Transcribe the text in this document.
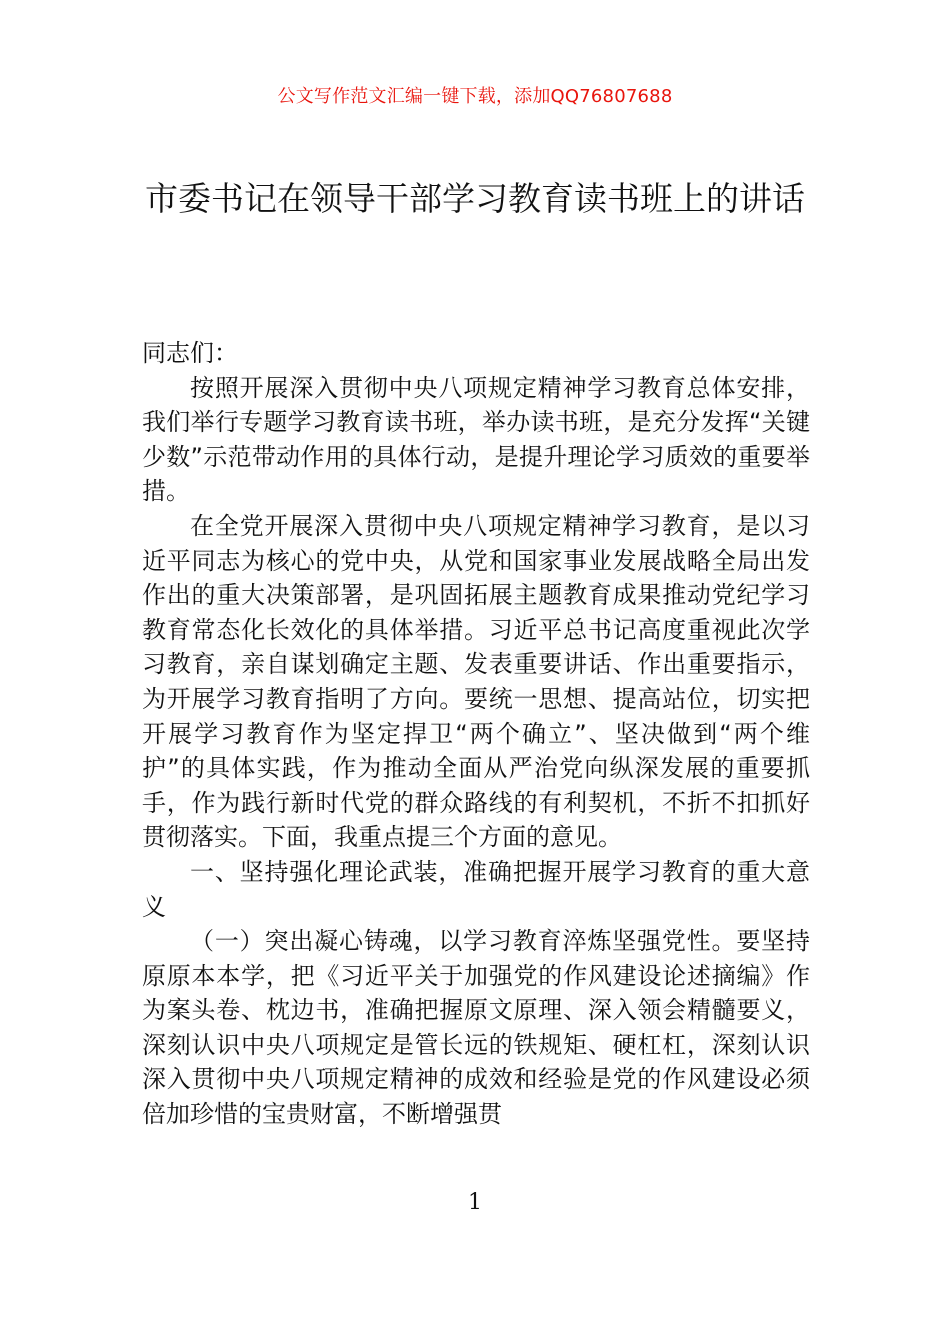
公文写作范文汇编一键下载，添加QQ76807688
市委书记在领导干部学习教育读书班上的讲话

同志们：

按照开展深入贯彻中央八项规定精神学习教育总体安排，我们举行专题学习教育读书班，举办读书班，是充分发挥“关键少数”示范带动作用的具体行动，是提升理论学习质效的重要举措。

在全党开展深入贯彻中央八项规定精神学习教育，是以习近平同志为核心的党中央，从党和国家事业发展战略全局出发作出的重大决策部署，是巩固拓展主题教育成果推动党纪学习教育常态化长效化的具体举措。习近平总书记高度重视此次学习教育，亲自谋划确定主题、发表重要讲话、作出重要指示，为开展学习教育指明了方向。要统一思想、提高站位，切实把开展学习教育作为坚定捍卫“两个确立”、坚决做到“两个维护”的具体实践，作为推动全面从严治党向纵深发展的重要抓手，作为践行新时代党的群众路线的有利契机，不折不扣抓好贯彻落实。下面，我重点提三个方面的意见。

一、坚持强化理论武装，准确把握开展学习教育的重大意义

（一）突出凝心铸魂，以学习教育淬炼坚强党性。要坚持原原本本学，把《习近平关于加强党的作风建设论述摘编》作为案头卷、枕边书，准确把握原文原理、深入领会精髓要义，深刻认识中央八项规定是管长远的铁规矩、硬杠杠，深刻认识深入贯彻中央八项规定精神的成效和经验是党的作风建设必须倍加珍惜的宝贵财富，不断增强贯

1
